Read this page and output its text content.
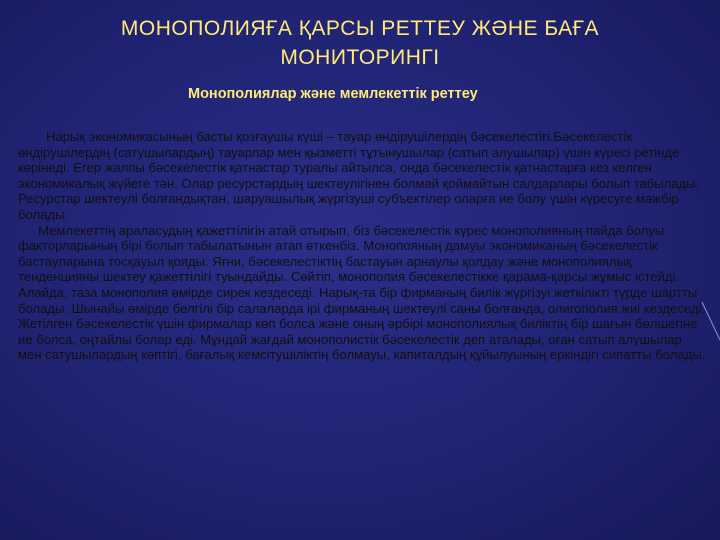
МОНОПОЛИЯҒА ҚАРСЫ РЕТТЕУ ЖӘНЕ БАҒА
МОНИТОРИНГІ
Монополиялар және мемлекеттік реттеу

Нарық экономикасының басты қозғаушы күші – тауар өндірушілердің бәсекелестігі.Бәсекелестік өндірушілердің (сатушылардың) тауарлар мен қызметті тұтынушылар (сатып алушылар) үшін күресі ретінде көрінеді. Егер жалпы бәсекелестік қатнастар туралы айтылса, онда бәсекелестік қатнастарға кез келген экономикалық жүйеге тән. Олар ресурстардың шектеулігінен болмай қоймайтын салдарлары болып табылады. Ресурстар шектеулі болғандықтан, шаруашылық жүргізуші субъектілер оларға ие болу үшін күресуге мәжбір болады.

Мемлекеттің араласудың қажеттілігін атай отырып, біз бәсекелестік күрес монополияның пайда болуы факторларының бірі болып табылатынын атап өткенбіз. Монопояның дамуы экономиканың бәсекелестік бастауларына тосқауыл қояды. Яғни, бәсекелестіктің бастауын арнаулы қолдау және монополиялық тенденцияны шектеу қажеттілігі туындайды. Сөйтіп, монополия бәсекелестікке қарама-қарсы жұмыс істейді. Алайда, таза монополия өмірде сирек кездеседі. Нарық-та бір фирманың билік жүргізуі жеткілікті түрде шартты болады. Шынайы өмірде белгілі бір салаларда ірі фирманың шектеулі саны болғанда, олигополия жиі кездеседі. Жетілген бәсекелестік үшін фирмалар көп болса және оның әрбірі монополиялық биліктің бір шағын бөлшегіне ие болса, оңтайлы болар еді. Мұндай жағдай монополистік бәсекелестік деп аталады, оған сатып алушылар мен сатушылардың көптігі, бағалық кемсітушіліктің болмауы, капиталдың құйылуының еркіндігі сипатты болады.
